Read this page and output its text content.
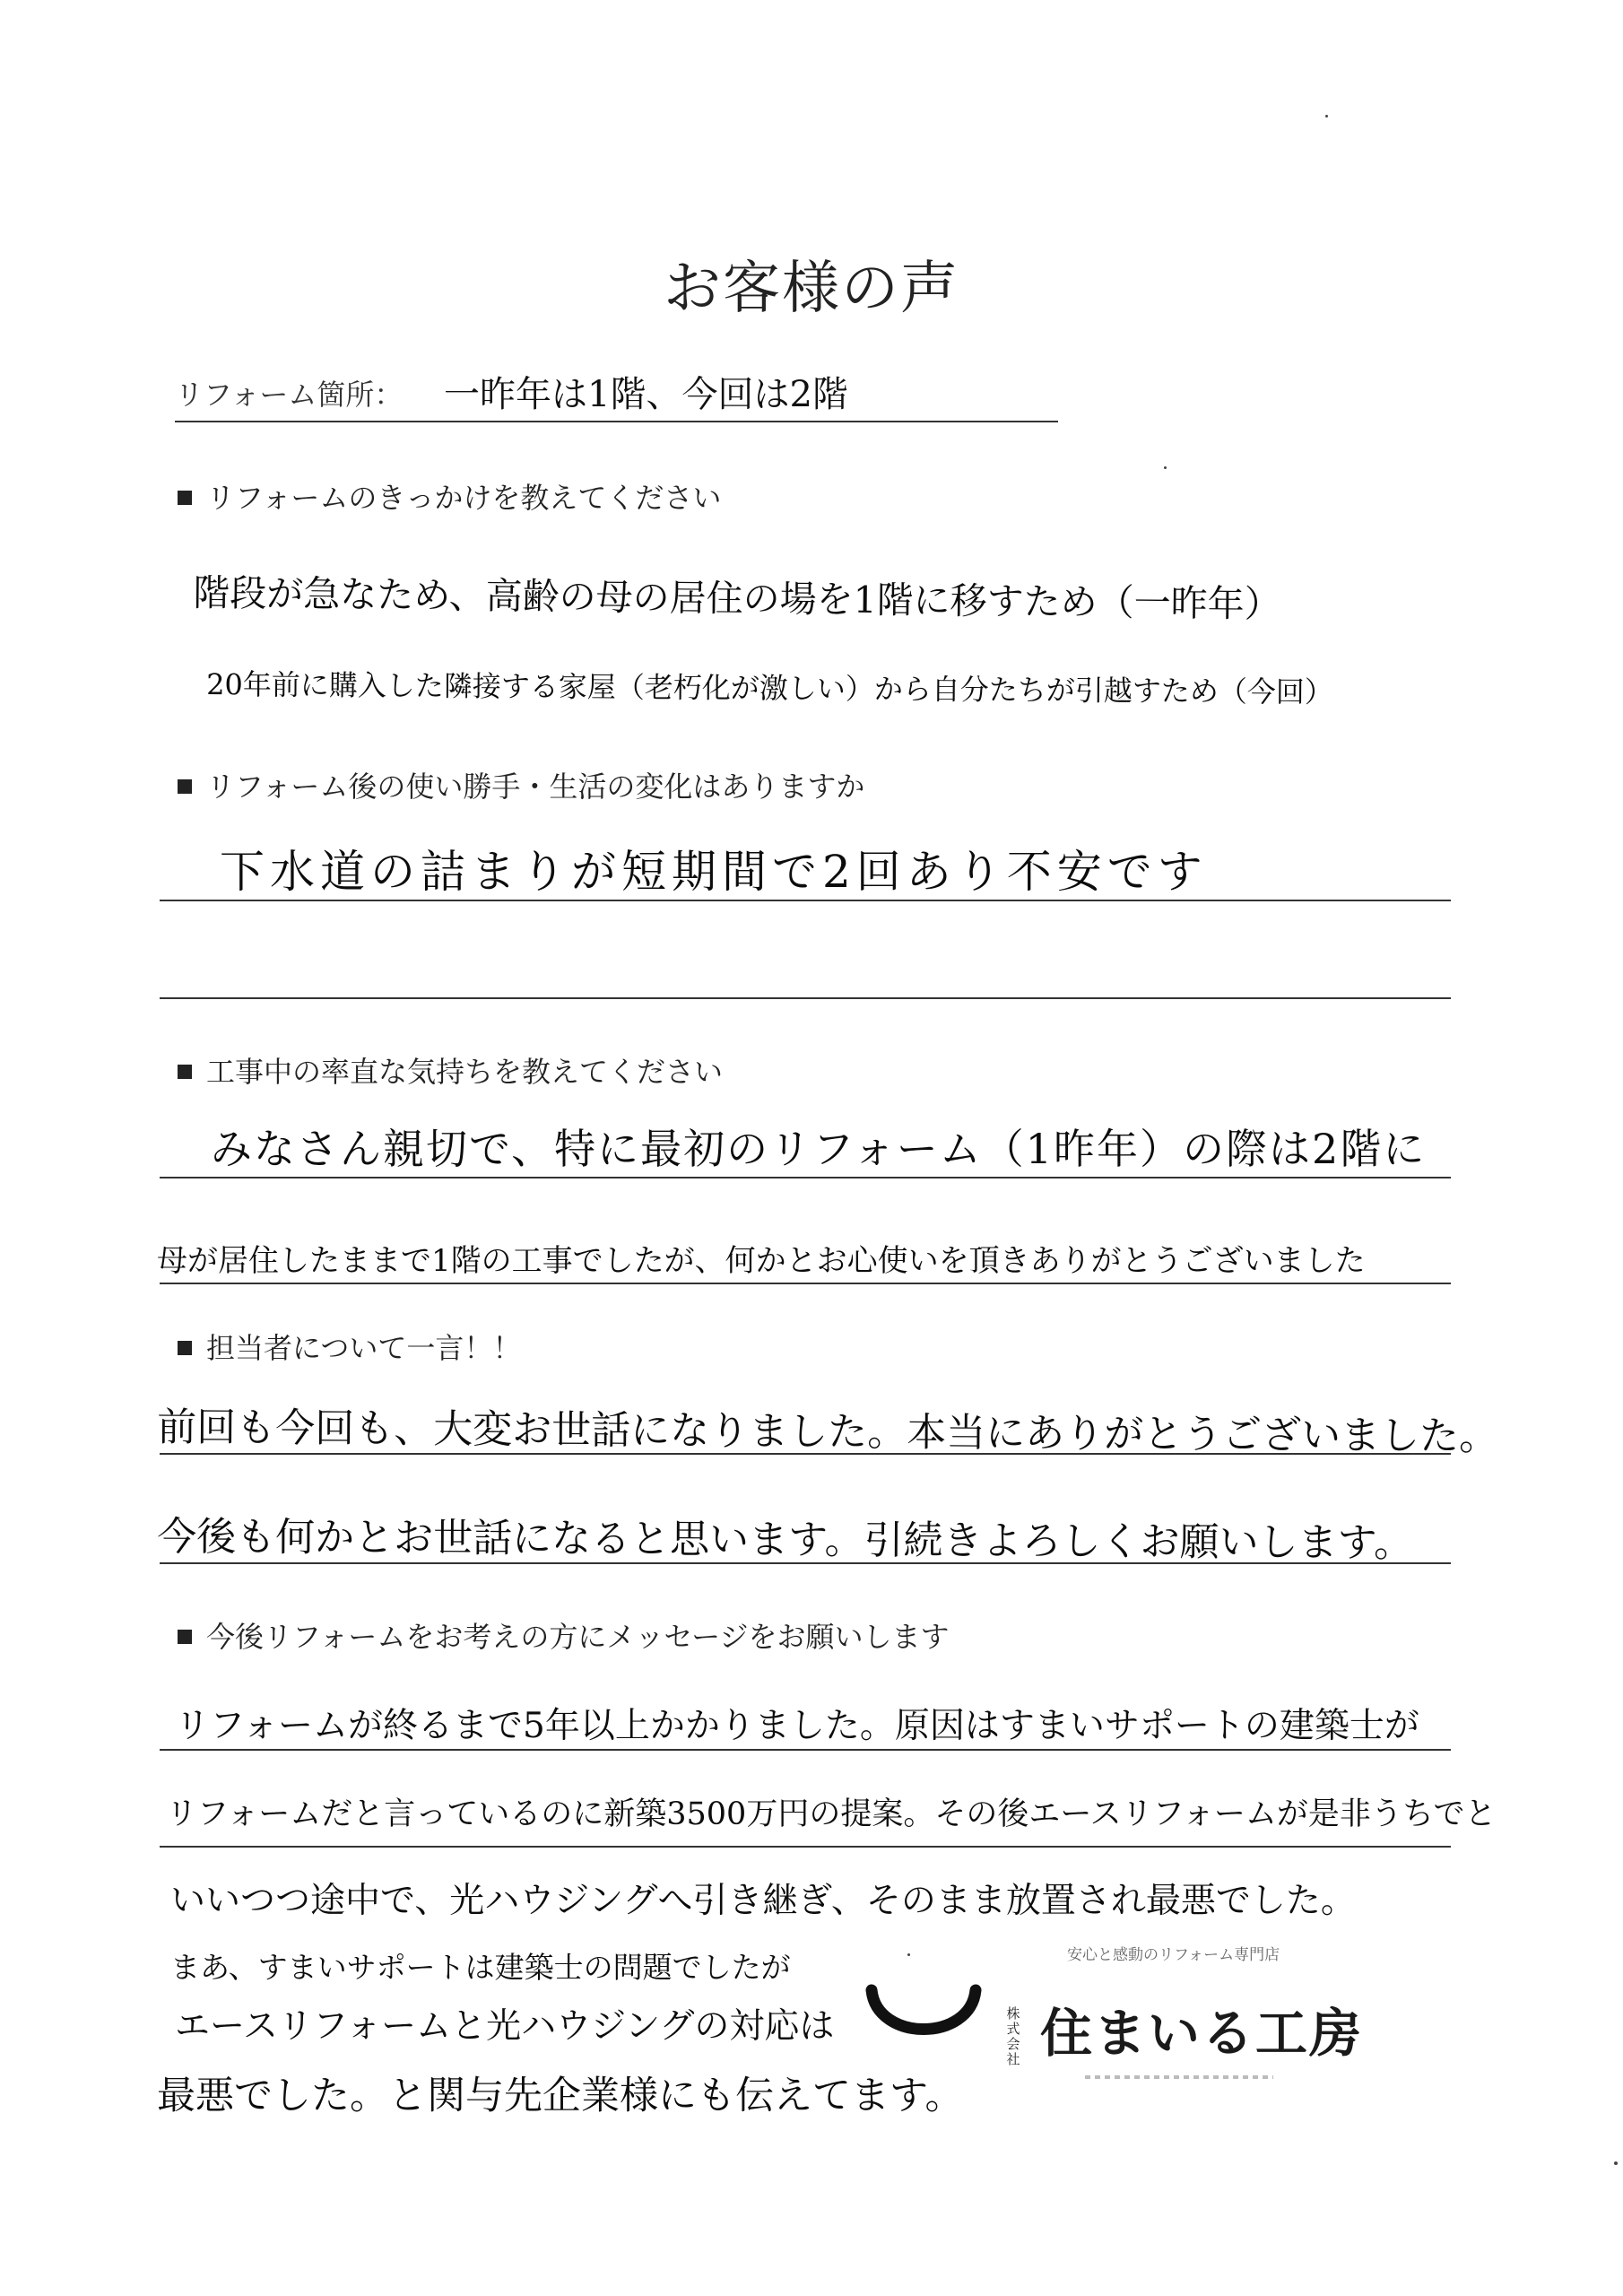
お客様の声
リフォーム箇所： 一昨年は1階、今回は2階
リフォームのきっかけを教えてください
階段が急なため、高齢の母の居住の場を1階に移すため（一昨年）
20年前に購入した隣接する家屋（老朽化が激しい）から自分たちが引越すため（今回）
リフォーム後の使い勝手・生活の変化はありますか
下水道の詰まりが短期間で2回あり不安です
工事中の率直な気持ちを教えてください
みなさん親切で、特に最初のリフォーム（1昨年）の際は2階に
母が居住したままで1階の工事でしたが、何かとお心使いを頂きありがとうございました
担当者について一言！！
前回も今回も、大変お世話になりました。本当にありがとうございました。
今後も何かとお世話になると思います。引続きよろしくお願いします。
今後リフォームをお考えの方にメッセージをお願いします
リフォームが終るまで5年以上かかりました。原因はすまいサポートの建築士が
リフォームだと言っているのに新築3500万円の提案。その後エースリフォームが是非うちでと
いいつつ途中で、光ハウジングへ引き継ぎ、そのまま放置され最悪でした。
まあ、すまいサポートは建築士の問題でしたが
エースリフォームと光ハウジングの対応は
最悪でした。と関与先企業様にも伝えてます。
安心と感動のリフォーム専門店
株式会社 住まいる工房
